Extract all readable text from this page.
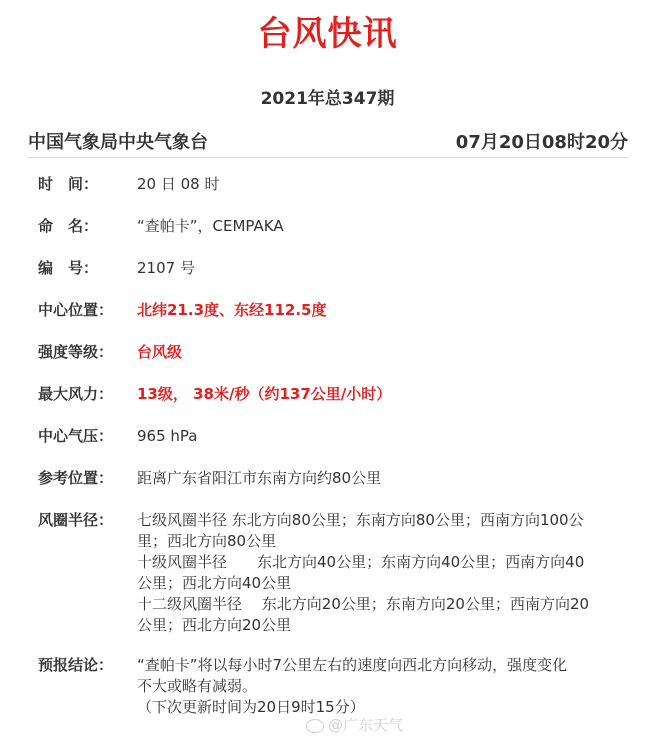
台风快讯
2021年总347期
中国气象局中央气象台	07月20日08时20分
时　间：	20 日 08 时
命　名：	“查帕卡”，CEMPAKA
编　号：	2107 号
中心位置：	北纬21.3度、东经112.5度
强度等级：	台风级
最大风力：	13级， 38米/秒（约137公里/小时）
中心气压：	965 hPa
参考位置：	距离广东省阳江市东南方向约80公里
风圈半径：	七级风圈半径 东北方向80公里；东南方向80公里；西南方向100公

里；西北方向80公里

十级风圈半径　　东北方向40公里；东南方向40公里；西南方向40

公里；西北方向40公里

十二级风圈半径　 东北方向20公里；东南方向20公里；西南方向20

公里；西北方向20公里

预报结论：	“查帕卡”将以每小时7公里左右的速度向西北方向移动，强度变化

不大或略有减弱。

（下次更新时间为20日9时15分）

@广东天气
